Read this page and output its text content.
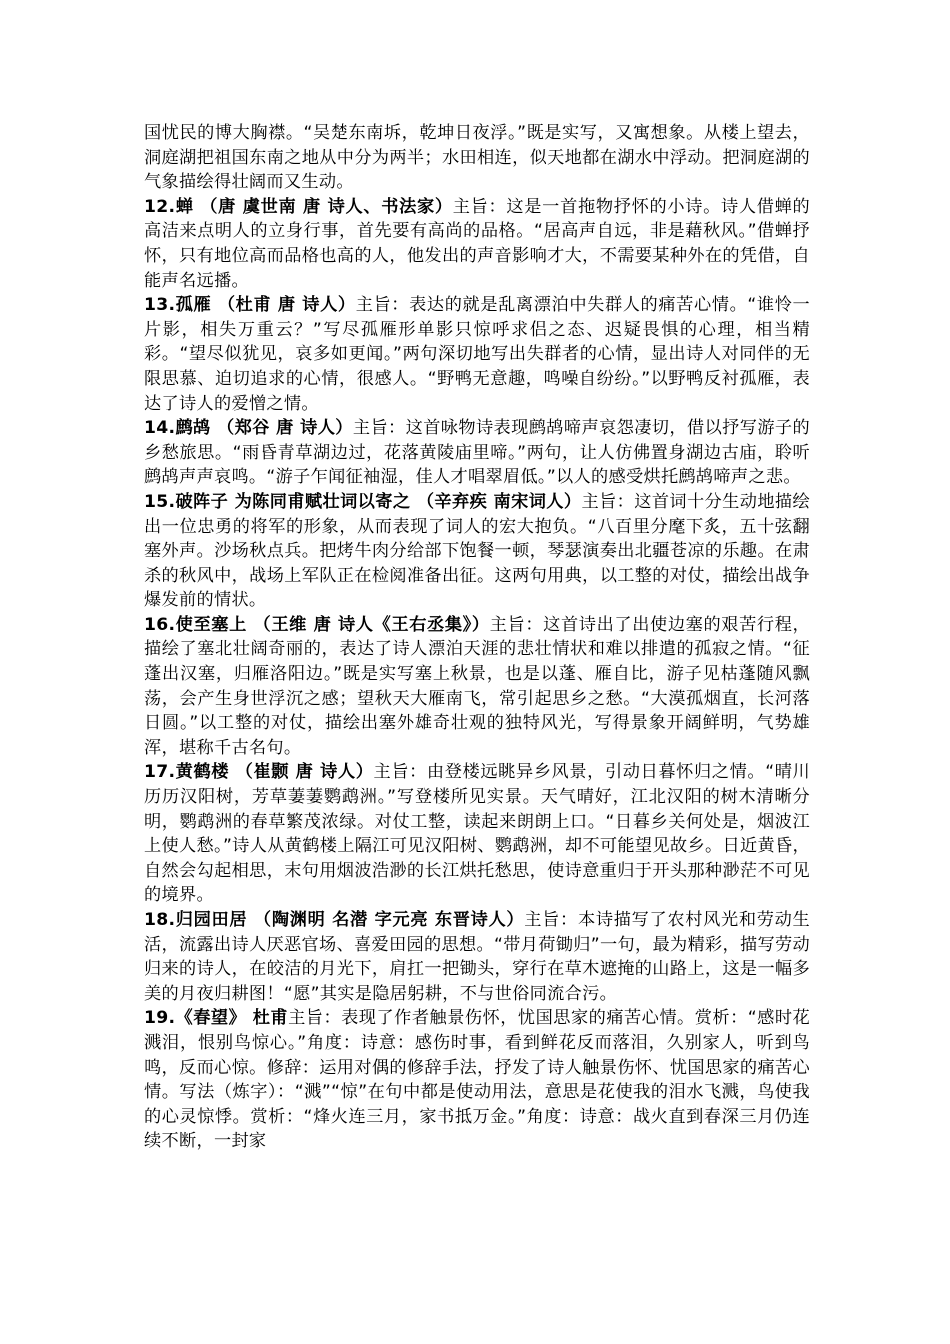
国忧民的博大胸襟。“吴楚东南坼，乾坤日夜浮。”既是实写，又寓想象。从楼上望去，洞庭湖把祖国东南之地从中分为两半；水田相连，似天地都在湖水中浮动。把洞庭湖的气象描绘得壮阔而又生动。

12.蝉 （唐 虞世南 唐 诗人、书法家）主旨：这是一首拖物抒怀的小诗。诗人借蝉的高洁来点明人的立身行事，首先要有高尚的品格。“居高声自远，非是藉秋风。”借蝉抒怀，只有地位高而品格也高的人，他发出的声音影响才大，不需要某种外在的凭借，自能声名远播。

13.孤雁 （杜甫 唐 诗人）主旨：表达的就是乱离漂泊中失群人的痛苦心情。“谁怜一片影，相失万重云？”写尽孤雁形单影只惊呼求侣之态、迟疑畏惧的心理，相当精彩。“望尽似犹见，哀多如更闻。”两句深切地写出失群者的心情，显出诗人对同伴的无限思慕、迫切追求的心情，很感人。“野鸭无意趣，鸣噪自纷纷。”以野鸭反衬孤雁，表达了诗人的爱憎之情。

14.鹧鸪 （郑谷 唐 诗人）主旨：这首咏物诗表现鹧鸪啼声哀怨凄切，借以抒写游子的乡愁旅思。“雨昏青草湖边过，花落黄陵庙里啼。”两句，让人仿佛置身湖边古庙，聆听鹧鸪声声哀鸣。“游子乍闻征袖湿，佳人才唱翠眉低。”以人的感受烘托鹧鸪啼声之悲。

15.破阵子 为陈同甫赋壮词以寄之 （辛弃疾 南宋词人）主旨：这首词十分生动地描绘出一位忠勇的将军的形象，从而表现了词人的宏大抱负。“八百里分麾下炙，五十弦翻塞外声。沙场秋点兵。把烤牛肉分给部下饱餐一顿，琴瑟演奏出北疆苍凉的乐趣。在肃杀的秋风中，战场上军队正在检阅准备出征。这两句用典，以工整的对仗，描绘出战争爆发前的情状。

16.使至塞上 （王维 唐 诗人《王右丞集》）主旨：这首诗出了出使边塞的艰苦行程，描绘了塞北壮阔奇丽的，表达了诗人漂泊天涯的悲壮情状和难以排遣的孤寂之情。“征蓬出汉塞，归雁洛阳边。”既是实写塞上秋景，也是以蓬、雁自比，游子见枯蓬随风飘荡，会产生身世浮沉之感；望秋天大雁南飞，常引起思乡之愁。“大漠孤烟直，长河落日圆。”以工整的对仗，描绘出塞外雄奇壮观的独特风光，写得景象开阔鲜明，气势雄浑，堪称千古名句。

17.黄鹤楼 （崔颢 唐 诗人）主旨：由登楼远眺异乡风景，引动日暮怀归之情。“晴川历历汉阳树，芳草萋萋鹦鹉洲。”写登楼所见实景。天气晴好，江北汉阳的树木清晰分明，鹦鹉洲的春草繁茂浓绿。对仗工整，读起来朗朗上口。“日暮乡关何处是，烟波江上使人愁。”诗人从黄鹤楼上隔江可见汉阳树、鹦鹉洲，却不可能望见故乡。日近黄昏，自然会勾起相思，末句用烟波浩渺的长江烘托愁思，使诗意重归于开头那种渺茫不可见的境界。

18.归园田居 （陶渊明 名潜 字元亮 东晋诗人）主旨：本诗描写了农村风光和劳动生活，流露出诗人厌恶官场、喜爱田园的思想。“带月荷锄归”一句，最为精彩，描写劳动归来的诗人，在皎洁的月光下，肩扛一把锄头，穿行在草木遮掩的山路上，这是一幅多美的月夜归耕图！“愿”其实是隐居躬耕，不与世俗同流合污。

19.《春望》 杜甫主旨：表现了作者触景伤怀，忧国思家的痛苦心情。赏析：“感时花溅泪，恨别鸟惊心。”角度：诗意：感伤时事，看到鲜花反而落泪，久别家人，听到鸟鸣，反而心惊。修辞：运用对偶的修辞手法，抒发了诗人触景伤怀、忧国思家的痛苦心情。写法（炼字）：“溅”“惊”在句中都是使动用法，意思是花使我的泪水飞溅，鸟使我的心灵惊悸。赏析：“烽火连三月，家书抵万金。”角度：诗意：战火直到春深三月仍连续不断，一封家
